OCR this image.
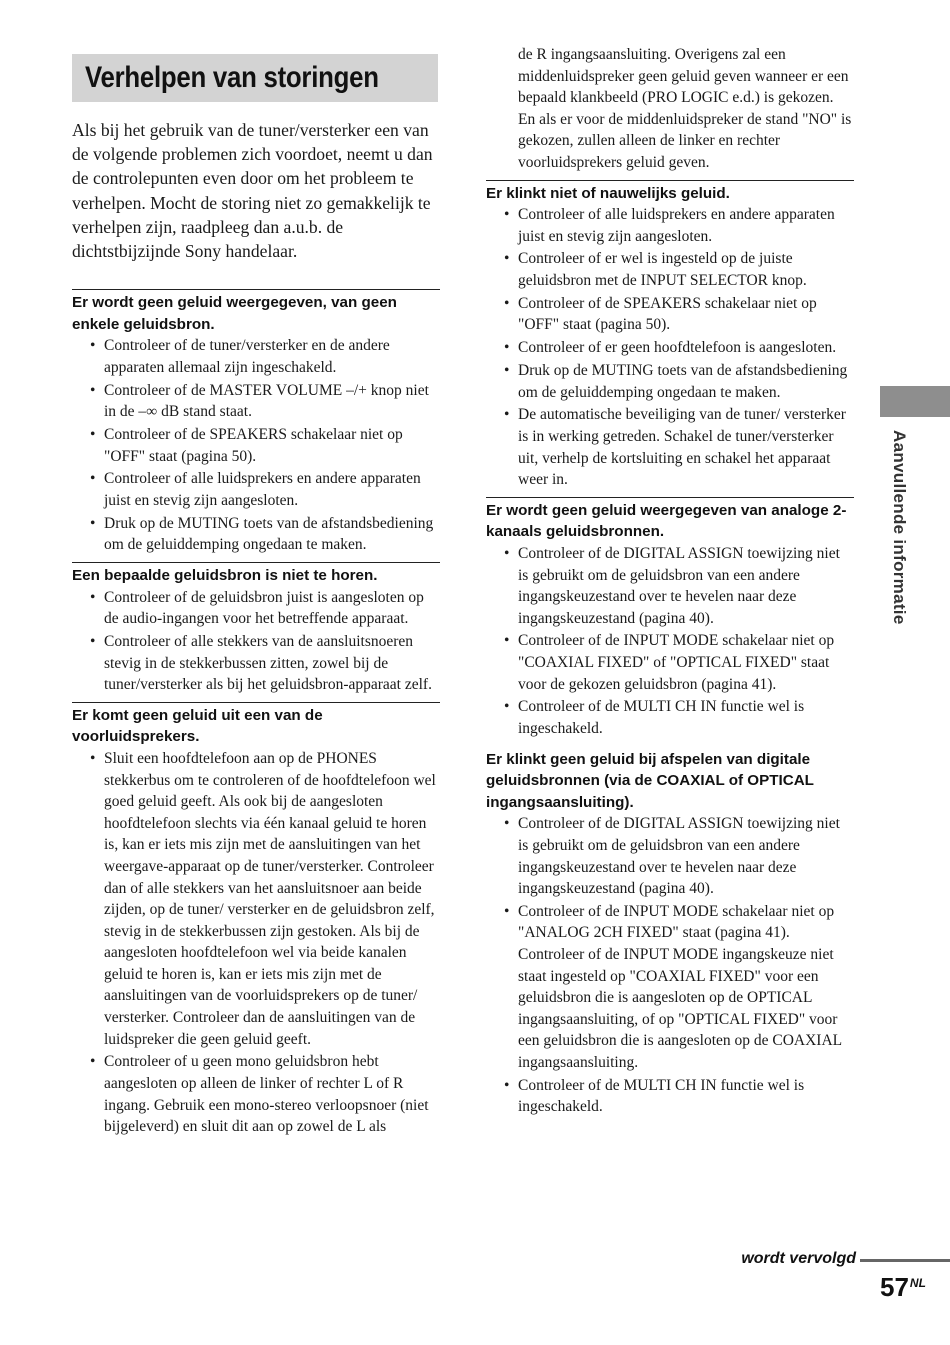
Verhelpen van storingen

Als bij het gebruik van de tuner/versterker een van de volgende problemen zich voordoet, neemt u dan de controlepunten even door om het probleem te verhelpen. Mocht de storing niet zo gemakkelijk te verhelpen zijn, raadpleeg dan a.u.b. de dichtstbijzijnde Sony handelaar.

Er wordt geen geluid weergegeven, van geen enkele geluidsbron.
• Controleer of de tuner/versterker en de andere apparaten allemaal zijn ingeschakeld.
• Controleer of de MASTER VOLUME –/+ knop niet in de –∞ dB stand staat.
• Controleer of de SPEAKERS schakelaar niet op "OFF" staat (pagina 50).
• Controleer of alle luidsprekers en andere apparaten juist en stevig zijn aangesloten.
• Druk op de MUTING toets van de afstandsbediening om de geluiddemping ongedaan te maken.
Een bepaalde geluidsbron is niet te horen.
• Controleer of de geluidsbron juist is aangesloten op de audio-ingangen voor het betreffende apparaat.
• Controleer of alle stekkers van de aansluitsnoeren stevig in de stekkerbussen zitten, zowel bij de tuner/versterker als bij het geluidsbron-apparaat zelf.
Er komt geen geluid uit een van de voorluidsprekers.
• Sluit een hoofdtelefoon aan op de PHONES stekkerbus om te controleren of de hoofdtelefoon wel goed geluid geeft. Als ook bij de aangesloten hoofdtelefoon slechts via één kanaal geluid te horen is, kan er iets mis zijn met de aansluitingen van het weergave-apparaat op de tuner/versterker. Controleer dan of alle stekkers van het aansluitsnoer aan beide zijden, op de tuner/ versterker en de geluidsbron zelf, stevig in de stekkerbussen zijn gestoken. Als bij de aangesloten hoofdtelefoon wel via beide kanalen geluid te horen is, kan er iets mis zijn met de aansluitingen van de voorluidsprekers op de tuner/ versterker. Controleer dan de aansluitingen van de luidspreker die geen geluid geeft.
• Controleer of u geen mono geluidsbron hebt aangesloten op alleen de linker of rechter L of R ingang. Gebruik een mono-stereo verloopsnoer (niet bijgeleverd) en sluit dit aan op zowel de L als

de R ingangsaansluiting. Overigens zal een middenluidspreker geen geluid geven wanneer er een bepaald klankbeeld (PRO LOGIC e.d.) is gekozen. En als er voor de middenluidspreker de stand "NO" is gekozen, zullen alleen de linker en rechter voorluidsprekers geluid geven.

Er klinkt niet of nauwelijks geluid.
• Controleer of alle luidsprekers en andere apparaten juist en stevig zijn aangesloten.
• Controleer of er wel is ingesteld op de juiste geluidsbron met de INPUT SELECTOR knop.
• Controleer of de SPEAKERS schakelaar niet op "OFF" staat (pagina 50).
• Controleer of er geen hoofdtelefoon is aangesloten.
• Druk op de MUTING toets van de afstandsbediening om de geluiddemping ongedaan te maken.
• De automatische beveiliging van de tuner/ versterker is in werking getreden. Schakel de tuner/versterker uit, verhelp de kortsluiting en schakel het apparaat weer in.
Er wordt geen geluid weergegeven van analoge 2-kanaals geluidsbronnen.
• Controleer of de DIGITAL ASSIGN toewijzing niet is gebruikt om de geluidsbron van een andere ingangskeuzestand over te hevelen naar deze ingangskeuzestand (pagina 40).
• Controleer of de INPUT MODE schakelaar niet op "COAXIAL FIXED" of "OPTICAL FIXED" staat voor de gekozen geluidsbron (pagina 41).
• Controleer of de MULTI CH IN functie wel is ingeschakeld.
Er klinkt geen geluid bij afspelen van digitale geluidsbronnen (via de COAXIAL of OPTICAL ingangsaansluiting).
• Controleer of de DIGITAL ASSIGN toewijzing niet is gebruikt om de geluidsbron van een andere ingangskeuzestand over te hevelen naar deze ingangskeuzestand (pagina 40).
• Controleer of de INPUT MODE schakelaar niet op "ANALOG 2CH FIXED" staat (pagina 41). Controleer of de INPUT MODE ingangskeuze niet staat ingesteld op "COAXIAL FIXED" voor een geluidsbron die is aangesloten op de OPTICAL ingangsaansluiting, of op "OPTICAL FIXED" voor een geluidsbron die is aangesloten op de COAXIAL ingangsaansluiting.
• Controleer of de MULTI CH IN functie wel is ingeschakeld.
Aanvullende informatie
wordt vervolgd
$57^{NL}$
